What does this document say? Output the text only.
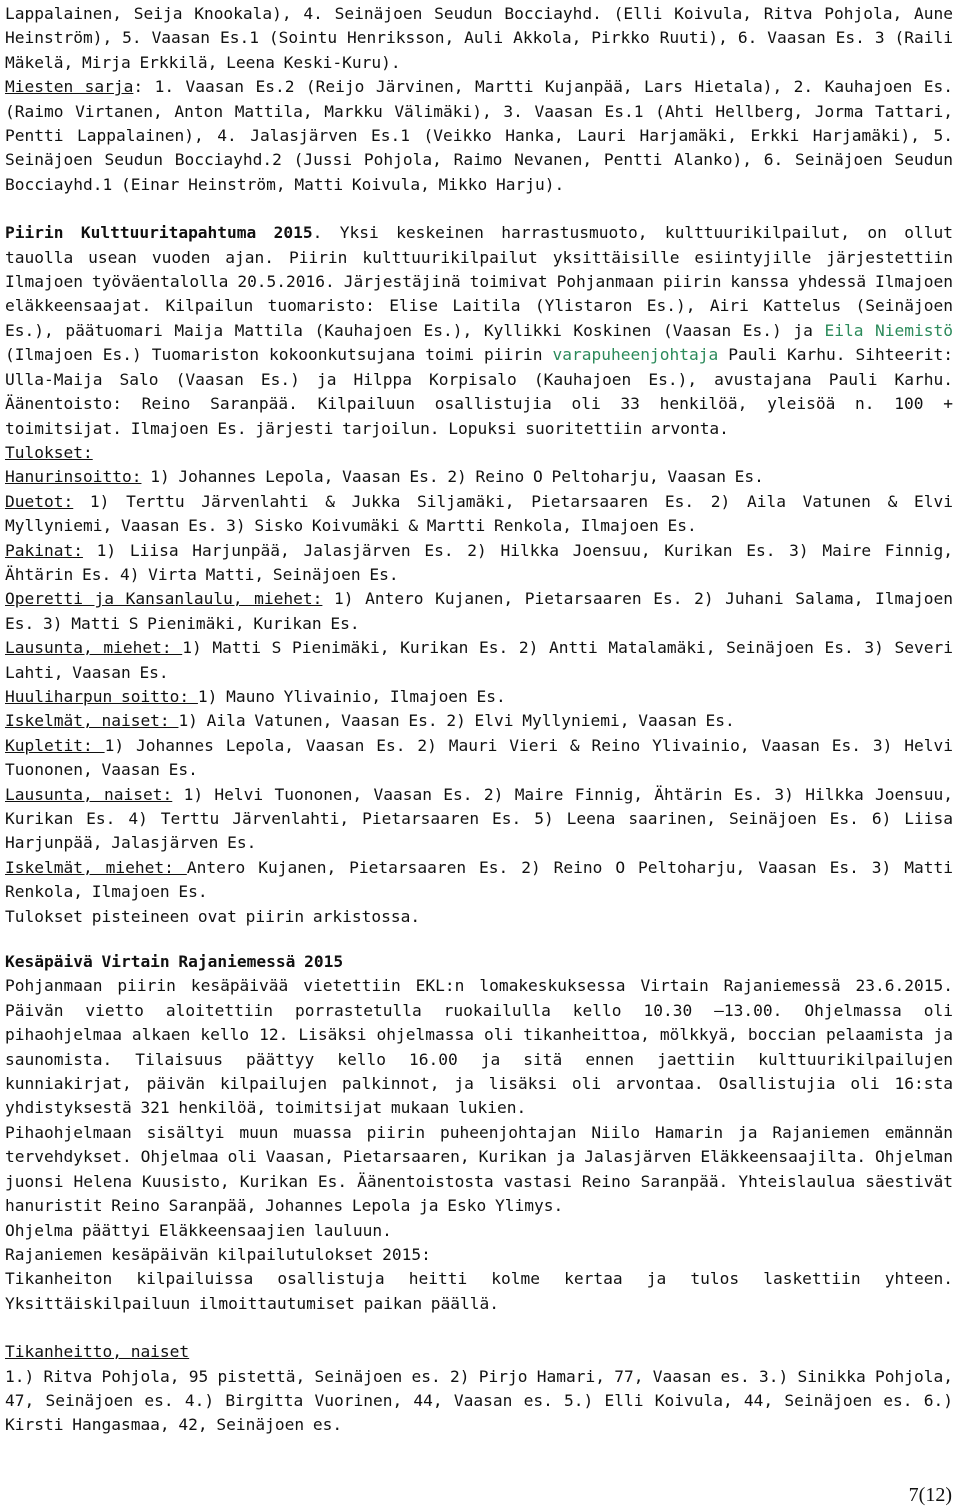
Lappalainen, Seija Knookala), 4. Seinäjoen Seudun Bocciayhd. (Elli Koivula, Ritva Pohjola, Aune Heinström), 5. Vaasan Es.1 (Sointu Henriksson, Auli Akkola, Pirkko Ruuti), 6. Vaasan Es. 3 (Raili Mäkelä, Mirja Erkkilä, Leena Keski-Kuru).

Miesten sarja: 1. Vaasan Es.2 (Reijo Järvinen, Martti Kujanpää, Lars Hietala), 2. Kauhajoen Es. (Raimo Virtanen, Anton Mattila, Markku Välimäki), 3. Vaasan Es.1 (Ahti Hellberg, Jorma Tattari, Pentti Lappalainen), 4. Jalasjärven Es.1 (Veikko Hanka, Lauri Harjamäki, Erkki Harjamäki), 5. Seinäjoen Seudun Bocciayhd.2 (Jussi Pohjola, Raimo Nevanen, Pentti Alanko), 6. Seinäjoen Seudun Bocciayhd.1 (Einar Heinström, Matti Koivula, Mikko Harju).

Piirin Kulttuuritapahtuma 2015. Yksi keskeinen harrastusmuoto, kulttuurikilpailut, on ollut tauolla usean vuoden ajan. Piirin kulttuurikilpailut yksittäisille esiintyjille järjestettiin Ilmajoen työväentalolla 20.5.2016. Järjestäjinä toimivat Pohjanmaan piirin kanssa yhdessä Ilmajoen eläkkeensaajat. Kilpailun tuomaristo: Elise Laitila (Ylistaron Es.), Airi Kattelus (Seinäjoen Es.), päätuomari Maija Mattila (Kauhajoen Es.), Kyllikki Koskinen (Vaasan Es.) ja Eila Niemistö (Ilmajoen Es.) Tuomariston kokoonkutsujana toimi piirin varapuheenjohtaja Pauli Karhu. Sihteerit: Ulla-Maija Salo (Vaasan Es.) ja Hilppa Korpisalo (Kauhajoen Es.), avustajana Pauli Karhu. Äänentoisto: Reino Saranpää. Kilpailuun osallistujia oli 33 henkilöä, yleisöä n. 100 + toimitsijat. Ilmajoen Es. järjesti tarjoilun. Lopuksi suoritettiin arvonta.

Tulokset:

Hanurinsoitto: 1) Johannes Lepola, Vaasan Es. 2) Reino O Peltoharju, Vaasan Es.

Duetot: 1) Terttu Järvenlahti & Jukka Siljamäki, Pietarsaaren Es. 2) Aila Vatunen & Elvi Myllyniemi, Vaasan Es. 3) Sisko Koivumäki & Martti Renkola, Ilmajoen Es.

Pakinat: 1) Liisa Harjunpää, Jalasjärven Es. 2) Hilkka Joensuu, Kurikan Es. 3) Maire Finnig, Ähtärin Es. 4) Virta Matti, Seinäjoen Es.

Operetti ja Kansanlaulu, miehet: 1) Antero Kujanen, Pietarsaaren Es. 2) Juhani Salama, Ilmajoen Es. 3) Matti S Pienimäki, Kurikan Es.

Lausunta, miehet: 1) Matti S Pienimäki, Kurikan Es. 2) Antti Matalamäki, Seinäjoen Es. 3) Severi Lahti, Vaasan Es.

Huuliharpun soitto: 1) Mauno Ylivainio, Ilmajoen Es.

Iskelmät, naiset: 1) Aila Vatunen, Vaasan Es. 2) Elvi Myllyniemi, Vaasan Es.

Kupletit: 1) Johannes Lepola, Vaasan Es. 2) Mauri Vieri & Reino Ylivainio, Vaasan Es. 3) Helvi Tuononen, Vaasan Es.

Lausunta, naiset: 1) Helvi Tuononen, Vaasan Es. 2) Maire Finnig, Ähtärin Es. 3) Hilkka Joensuu, Kurikan Es. 4) Terttu Järvenlahti, Pietarsaaren Es. 5) Leena saarinen, Seinäjoen Es. 6) Liisa Harjunpää, Jalasjärven Es.

Iskelmät, miehet: Antero Kujanen, Pietarsaaren Es. 2) Reino O Peltoharju, Vaasan Es. 3) Matti Renkola, Ilmajoen Es.

Tulokset pisteineen ovat piirin arkistossa.

Kesäpäivä Virtain Rajaniemessä 2015

Pohjanmaan piirin kesäpäivää vietettiin EKL:n lomakeskuksessa Virtain Rajaniemessä 23.6.2015. Päivän vietto aloitettiin porrastetulla ruokailulla kello 10.30 –13.00. Ohjelmassa oli pihaohjelmaa alkaen kello 12. Lisäksi ohjelmassa oli tikanheittoa, mölkkyä, boccian pelaamista ja saunomista. Tilaisuus päättyy kello 16.00 ja sitä ennen jaettiin kulttuurikilpailujen kunniakirjat, päivän kilpailujen palkinnot, ja lisäksi oli arvontaa. Osallistujia oli 16:sta yhdistyksestä 321 henkilöä, toimitsijat mukaan lukien.

Pihaohjelmaan sisältyi muun muassa piirin puheenjohtajan Niilo Hamarin ja Rajaniemen emännän tervehdykset. Ohjelmaa oli Vaasan, Pietarsaaren, Kurikan ja Jalasjärven Eläkkeensaajilta. Ohjelman juonsi Helena Kuusisto, Kurikan Es. Äänentoistosta vastasi Reino Saranpää. Yhteislaulua säestivät hanuristit Reino Saranpää, Johannes Lepola ja Esko Ylimys.

Ohjelma päättyi Eläkkeensaajien lauluun.

Rajaniemen kesäpäivän kilpailutulokset 2015:

Tikanheiton kilpailuissa osallistuja heitti kolme kertaa ja tulos laskettiin yhteen. Yksittäiskilpailuun ilmoittautumiset paikan päällä.

Tikanheitto, naiset

1.) Ritva Pohjola, 95 pistettä, Seinäjoen es. 2) Pirjo Hamari, 77, Vaasan es. 3.) Sinikka Pohjola, 47, Seinäjoen es. 4.) Birgitta Vuorinen, 44, Vaasan es. 5.) Elli Koivula, 44, Seinäjoen es. 6.) Kirsti Hangasmaa, 42, Seinäjoen es.

7(12)
